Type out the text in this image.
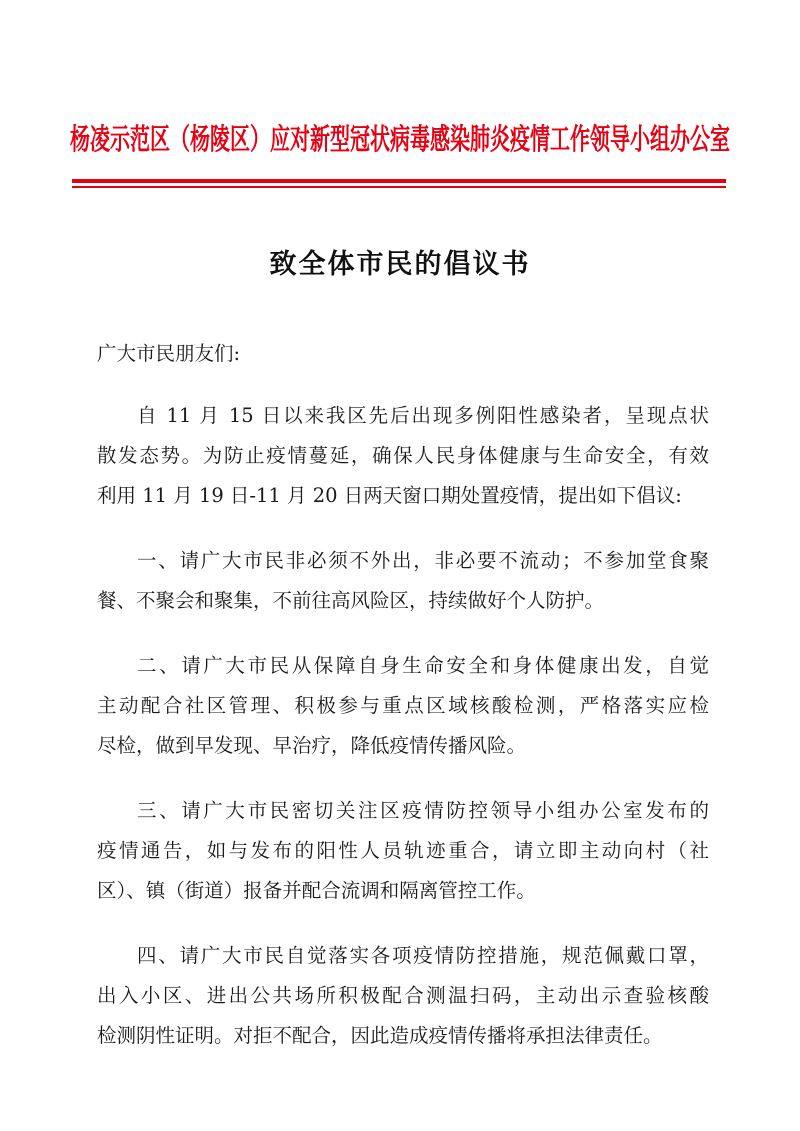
杨凌示范区（杨陵区）应对新型冠状病毒感染肺炎疫情工作领导小组办公室
致全体市民的倡议书
广大市民朋友们:
自 11 月 15 日以来我区先后出现多例阳性感染者，呈现点状
散发态势。为防止疫情蔓延，确保人民身体健康与生命安全，有效
利用 11 月 19 日-11 月 20 日两天窗口期处置疫情，提出如下倡议:
一、请广大市民非必须不外出，非必要不流动；不参加堂食聚
餐、不聚会和聚集，不前往高风险区，持续做好个人防护。
二、请广大市民从保障自身生命安全和身体健康出发，自觉
主动配合社区管理、积极参与重点区域核酸检测，严格落实应检
尽检，做到早发现、早治疗，降低疫情传播风险。
三、请广大市民密切关注区疫情防控领导小组办公室发布的
疫情通告，如与发布的阳性人员轨迹重合，请立即主动向村（社
区）、镇（街道）报备并配合流调和隔离管控工作。
四、请广大市民自觉落实各项疫情防控措施，规范佩戴口罩，
出入小区、进出公共场所积极配合测温扫码，主动出示查验核酸
检测阴性证明。对拒不配合，因此造成疫情传播将承担法律责任。
